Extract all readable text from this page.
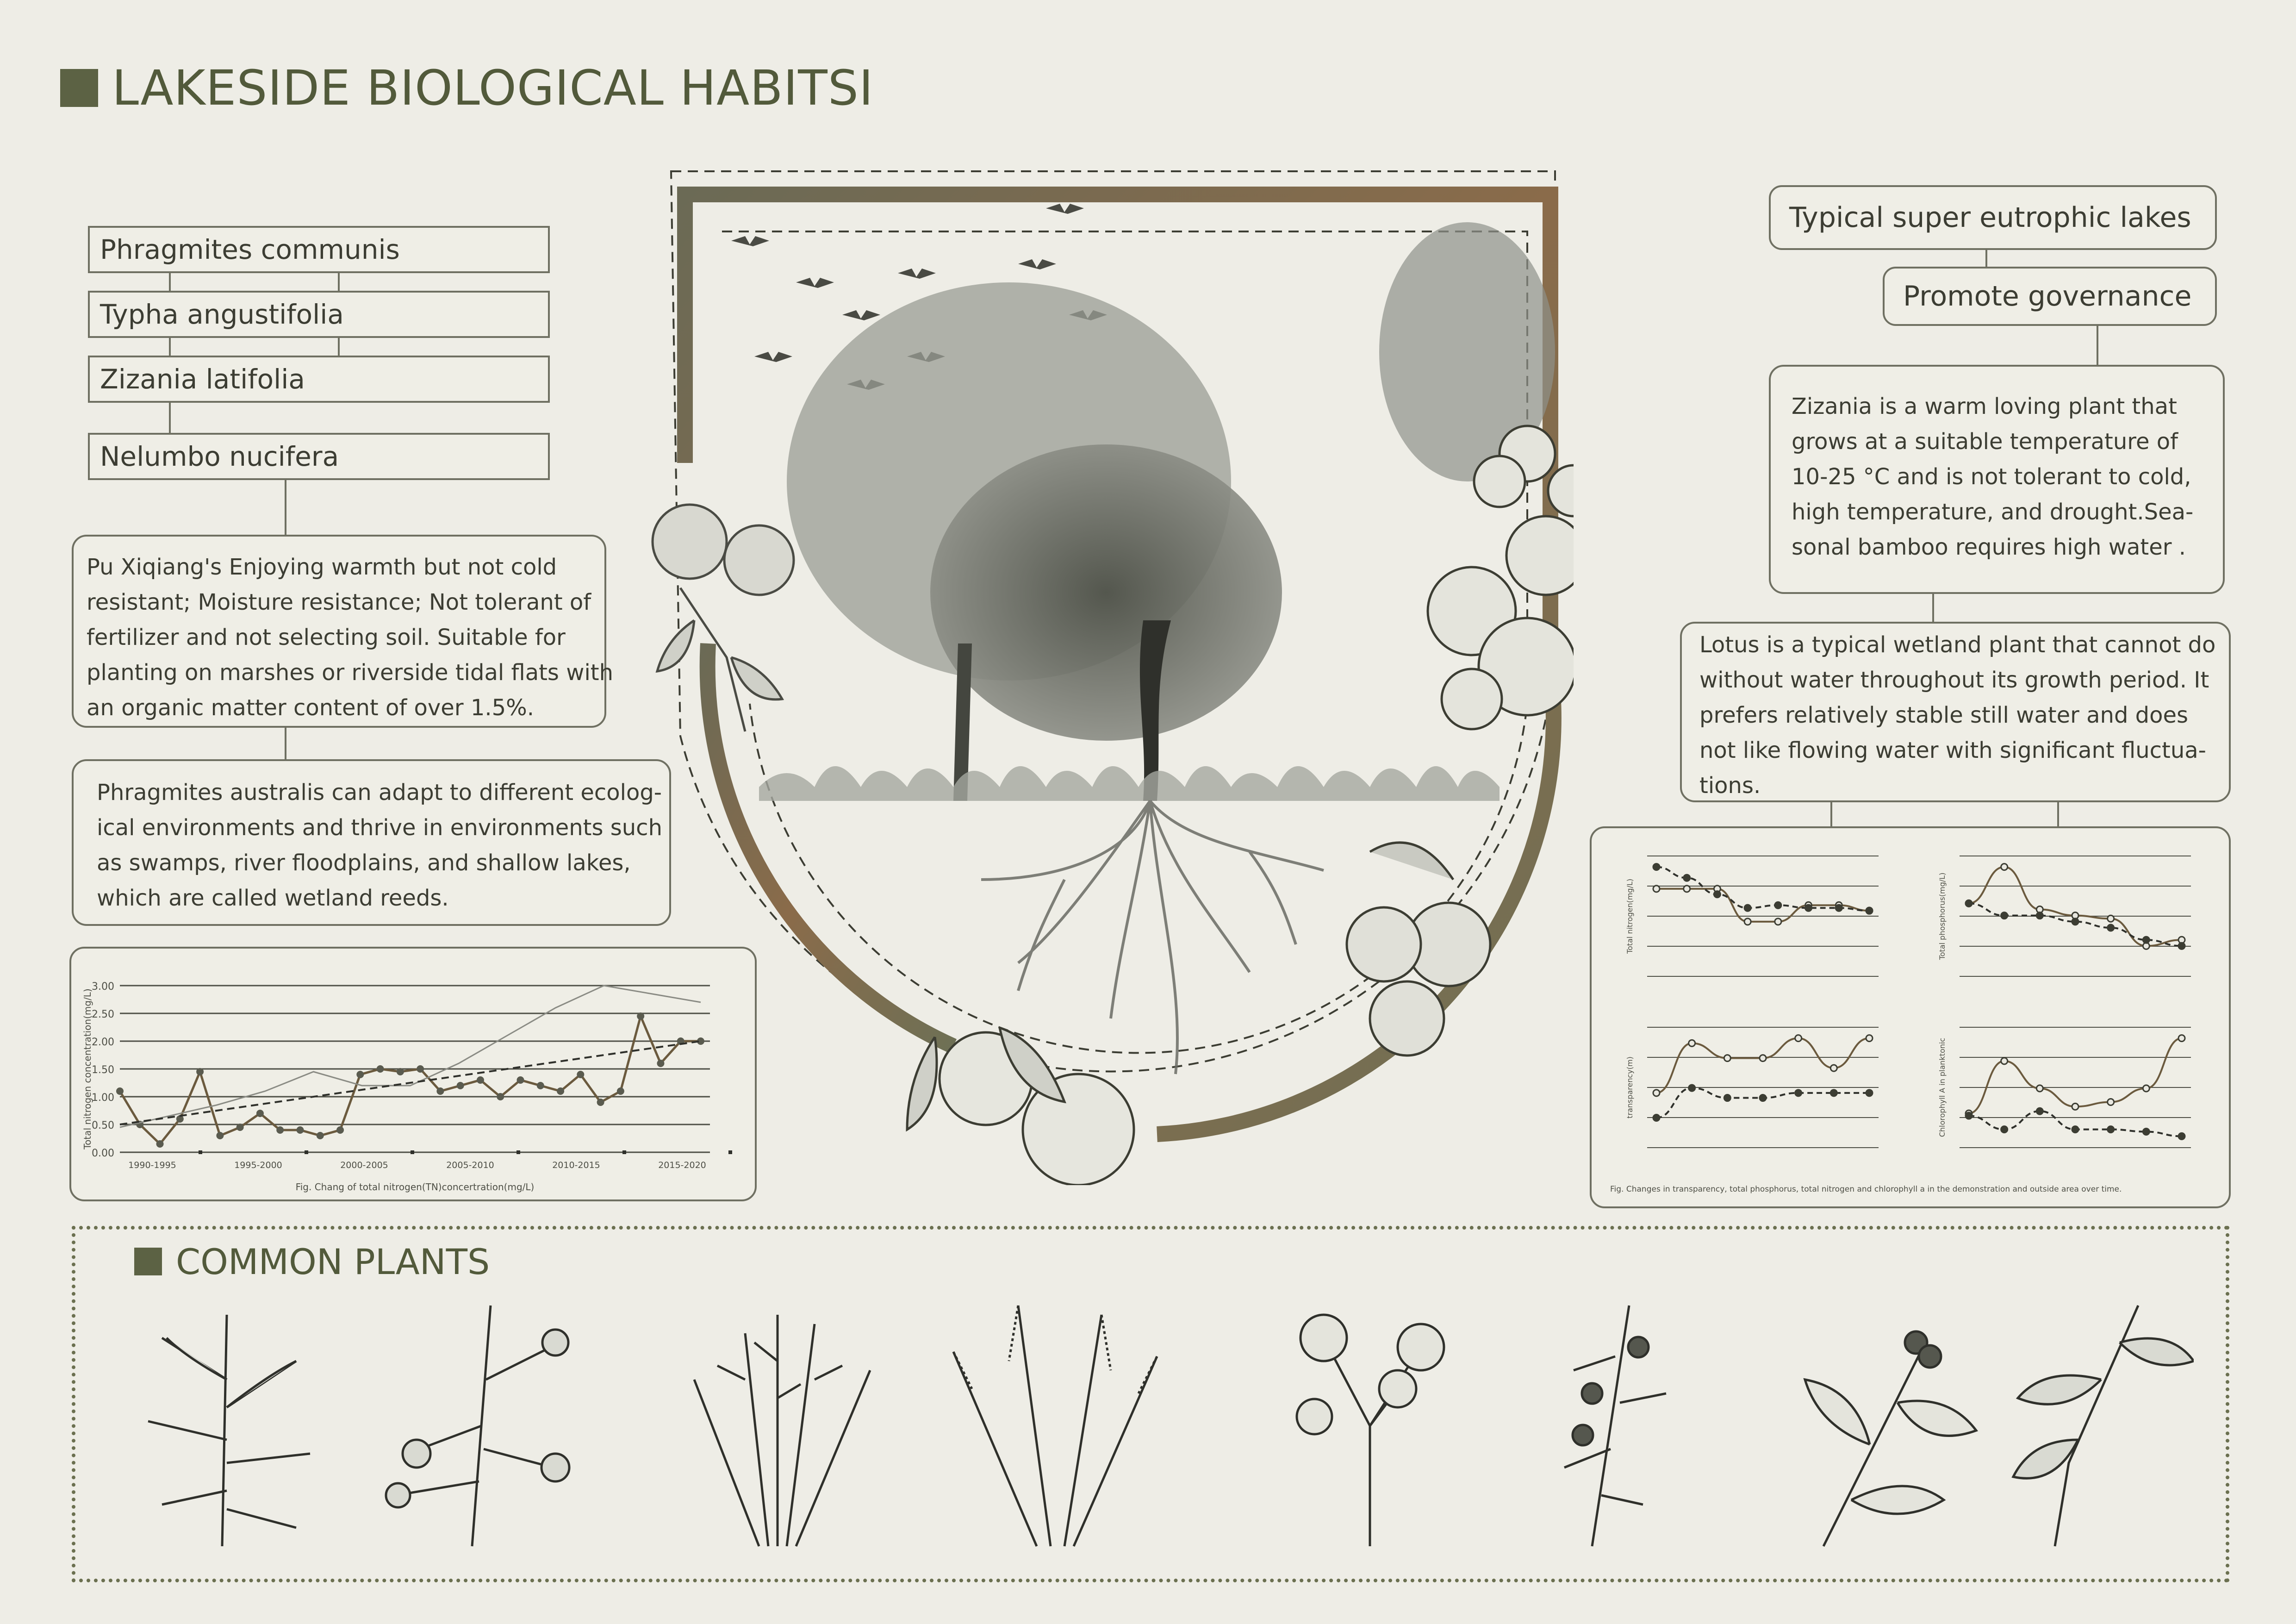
LAKESIDE BIOLOGICAL HABITSI
Phragmites communis
Typha angustifolia
Zizania latifolia
Nelumbo nucifera
Pu Xiqiang's Enjoying warmth but not cold
resistant; Moisture resistance; Not tolerant of
fertilizer and not selecting soil. Suitable for
planting on marshes or riverside tidal flats with
an organic matter content of over 1.5%.
Phragmites australis can adapt to different ecolog-
ical environments and thrive in environments such
as swamps, river floodplains, and shallow lakes,
which are called wetland reeds.
0.00
0.50
1.00
1.50
2.00
2.50
3.00
Total nitrogen concentration(mg/L)
1990-1995	1995-2000	2000-2005	2005-2010	2010-2015	2015-2020
Fig. Chang of total nitrogen(TN)concertration(mg/L)
Typical super eutrophic lakes
Promote governance
Zizania is a warm loving plant that
grows at a suitable temperature of
10-25 °C and is not tolerant to cold,
high temperature, and drought.Sea-
sonal bamboo requires high water .
Lotus is a typical wetland plant that cannot do
without water throughout its growth period. It
prefers relatively stable still water and does
not like flowing water with significant fluctua-
tions.
Total nitrogen(mg/L)	Total phosphorus(mg/L)
transparency(m)	Chlorophyll A in planktonic
Fig. Changes in transparency, total phosphorus, total nitrogen and chlorophyll a in the demonstration and outside area over time.
COMMON PLANTS
